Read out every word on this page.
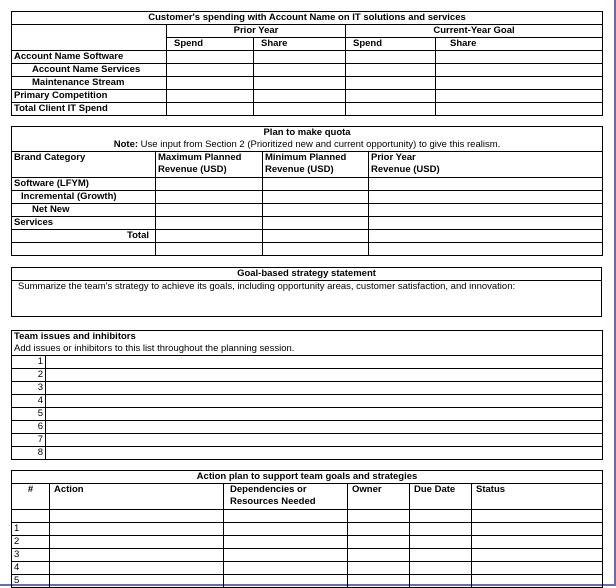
Customer's spending with Account Name on IT solutions and services				
	Prior Year		Current-Year Goal	
	Spend	Share	Spend	Share
Account Name Software				
Account Name Services				
Maintenance Stream				
Primary Competition				
Total Client IT Spend				
Plan to make quota			
Note: Use input from Section 2 (Prioritized new and current opportunity) to give this realism.			
Brand Category	Maximum Planned Revenue (USD)	Minimum Planned Revenue (USD)	Prior Year Revenue (USD)
Software (LFYM)			
Incremental (Growth)			
Net New			
Services			
Total			

Goal-based strategy statement
Summarize the team's strategy to achieve its goals, including opportunity areas, customer satisfaction, and innovation:
Team issues and inhibitors	
Add issues or inhibitors to this list throughout the planning session.	
1	
2	
3	
4	
5	
6	
7	
8	
Action plan to support team goals and strategies					
#	Action	Dependencies or Resources Needed	Owner	Due Date	Status

1					
2					
3					
4					
5					
